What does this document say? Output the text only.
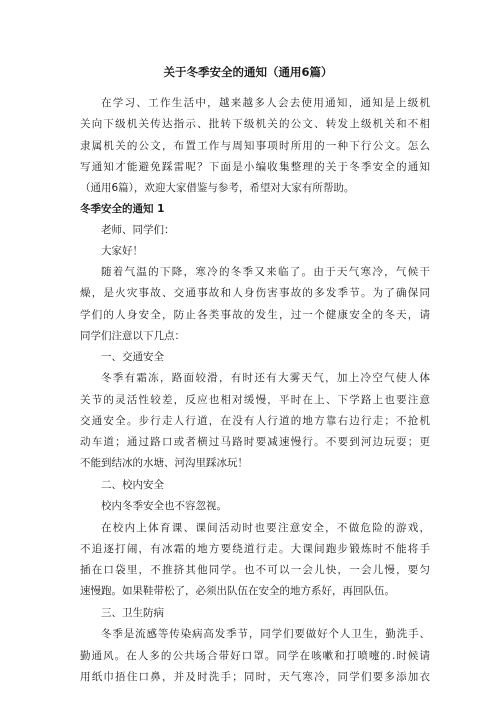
关于冬季安全的通知（通用6篇）
在学习、工作生活中，越来越多人会去使用通知，通知是上级机
关向下级机关传达指示、批转下级机关的公文、转发上级机关和不相
隶属机关的公文，布置工作与周知事项时所用的一种下行公文。怎么
写通知才能避免踩雷呢？下面是小编收集整理的关于冬季安全的通知
（通用6篇），欢迎大家借鉴与参考，希望对大家有所帮助。
冬季安全的通知 1
老师、同学们：
大家好！
随着气温的下降，寒冷的冬季又来临了。由于天气寒冷，气候干
燥，是火灾事故、交通事故和人身伤害事故的多发季节。为了确保同
学们的人身安全，防止各类事故的发生，过一个健康安全的冬天，请
同学们注意以下几点：
一、交通安全
冬季有霜冻，路面较滑，有时还有大雾天气，加上冷空气使人体
关节的灵活性较差，反应也相对缓慢，平时在上、下学路上也要注意
交通安全。步行走人行道，在没有人行道的地方靠右边行走；不抢机
动车道；通过路口或者横过马路时要减速慢行。不要到河边玩耍；更
不能到结冰的水塘、河沟里踩冰玩！
二、校内安全
校内冬季安全也不容忽视。
在校内上体育课、课间活动时也要注意安全，不做危险的游戏，
不追逐打闹，有冰霜的地方要绕道行走。大课间跑步锻炼时不能将手
插在口袋里，不推挤其他同学。也不可以一会儿快，一会儿慢，要匀
速慢跑。如果鞋带松了，必须出队伍在安全的地方系好，再回队伍。
三、卫生防病
冬季是流感等传染病高发季节，同学们要做好个人卫生，勤洗手、
勤通风。在人多的公共场合带好口罩。同学在咳嗽和打喷嚏的.时候请
用纸巾捂住口鼻，并及时洗手；同时，天气寒冷，同学们要多添加衣
